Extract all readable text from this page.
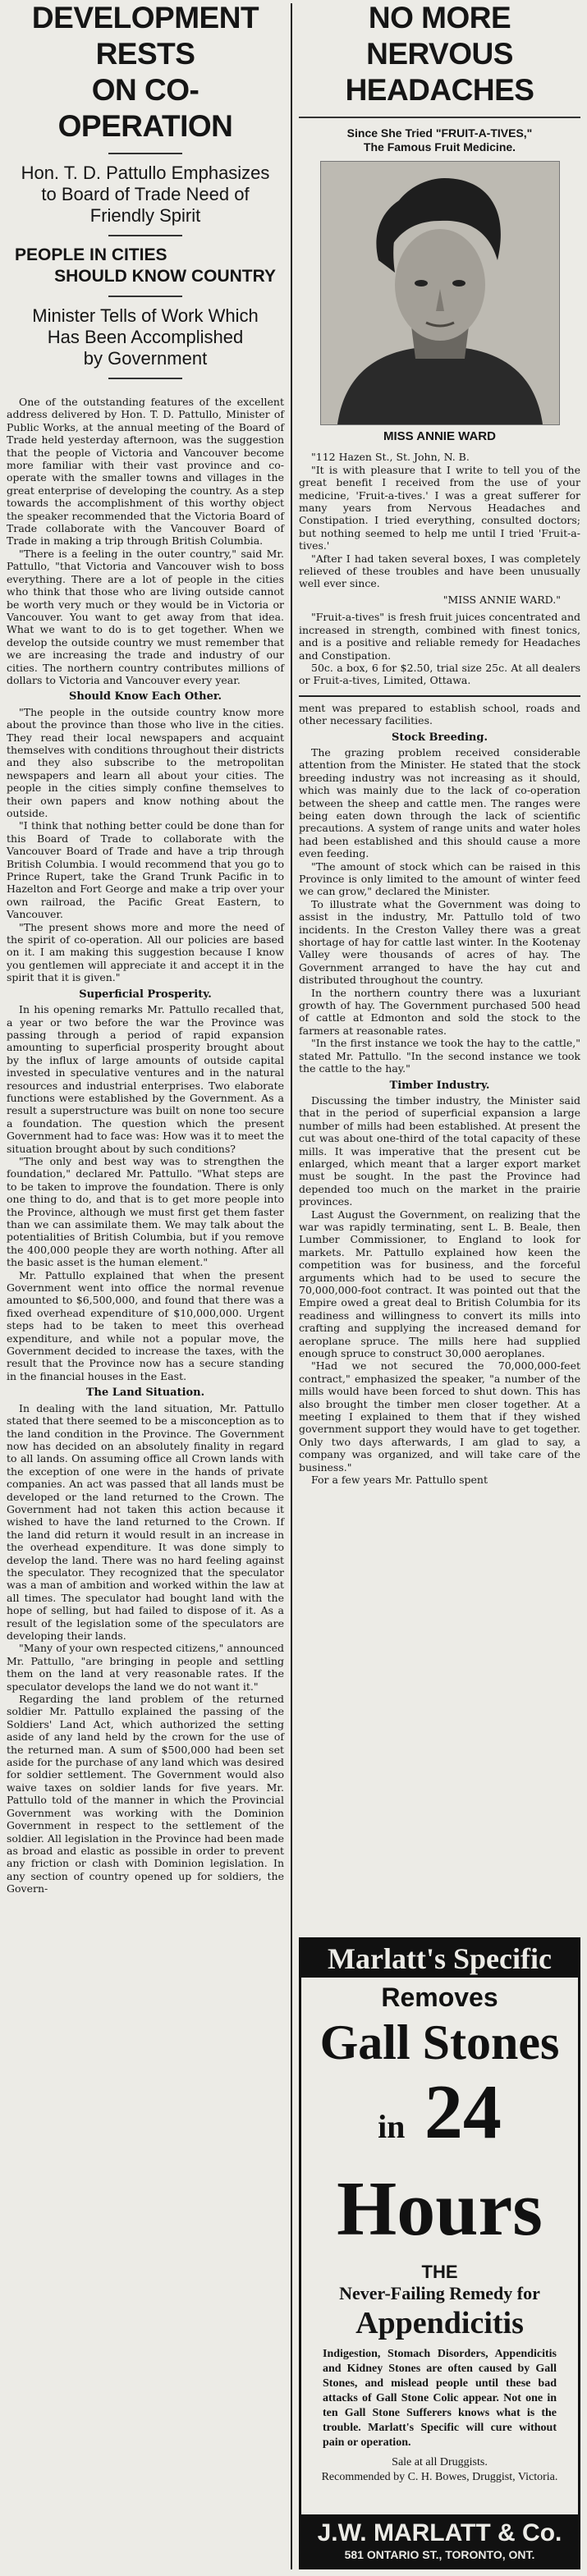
DEVELOPMENT RESTS
ON CO-OPERATION
Hon. T. D. Pattullo Emphasizes
to Board of Trade Need of
Friendly Spirit
PEOPLE IN CITIES
SHOULD KNOW COUNTRY
Minister Tells of Work Which
Has Been Accomplished
by Government

One of the outstanding features of the excellent address delivered by Hon. T. D. Pattullo, Minister of Public Works, at the annual meeting of the Board of Trade held yesterday afternoon, was the suggestion that the people of Victoria and Vancouver become more familiar with their vast province and co-operate with the smaller towns and villages in the great enterprise of developing the country. As a step towards the accomplishment of this worthy object the speaker recommended that the Victoria Board of Trade collaborate with the Vancouver Board of Trade in making a trip through British Columbia.

"There is a feeling in the outer country," said Mr. Pattullo, "that Victoria and Vancouver wish to boss everything. There are a lot of people in the cities who think that those who are living outside cannot be worth very much or they would be in Victoria or Vancouver. You want to get away from that idea. What we want to do is to get together. When we develop the outside country we must remember that we are increasing the trade and industry of our cities. The northern country contributes millions of dollars to Victoria and Vancouver every year.

Should Know Each Other.

"The people in the outside country know more about the province than those who live in the cities. They read their local newspapers and acquaint themselves with conditions throughout their districts and they also subscribe to the metropolitan newspapers and learn all about your cities. The people in the cities simply confine themselves to their own papers and know nothing about the outside.

"I think that nothing better could be done than for this Board of Trade to collaborate with the Vancouver Board of Trade and have a trip through British Columbia. I would recommend that you go to Prince Rupert, take the Grand Trunk Pacific in to Hazelton and Fort George and make a trip over your own railroad, the Pacific Great Eastern, to Vancouver.

"The present shows more and more the need of the spirit of co-operation. All our policies are based on it. I am making this suggestion because I know you gentlemen will appreciate it and accept it in the spirit that it is given."

Superficial Prosperity.

In his opening remarks Mr. Pattullo recalled that, a year or two before the war the Province was passing through a period of rapid expansion amounting to superficial prosperity brought about by the influx of large amounts of outside capital invested in speculative ventures and in the natural resources and industrial enterprises. Two elaborate functions were established by the Government. As a result a superstructure was built on none too secure a foundation. The question which the present Government had to face was: How was it to meet the situation brought about by such conditions?

"The only and best way was to strengthen the foundation," declared Mr. Pattullo. "What steps are to be taken to improve the foundation. There is only one thing to do, and that is to get more people into the Province, although we must first get them faster than we can assimilate them. We may talk about the potentialities of British Columbia, but if you remove the 400,000 people they are worth nothing. After all the basic asset is the human element."

Mr. Pattullo explained that when the present Government went into office the normal revenue amounted to $6,500,000, and found that there was a fixed overhead expenditure of $10,000,000. Urgent steps had to be taken to meet this overhead expenditure, and while not a popular move, the Government decided to increase the taxes, with the result that the Province now has a secure standing in the financial houses in the East.

The Land Situation.

In dealing with the land situation, Mr. Pattullo stated that there seemed to be a misconception as to the land condition in the Province. The Government now has decided on an absolutely finality in regard to all lands. On assuming office all Crown lands with the exception of one were in the hands of private companies. An act was passed that all lands must be developed or the land returned to the Crown. The Government had not taken this action because it wished to have the land returned to the Crown. If the land did return it would result in an increase in the overhead expenditure. It was done simply to develop the land. There was no hard feeling against the speculator. They recognized that the speculator was a man of ambition and worked within the law at all times. The speculator had bought land with the hope of selling, but had failed to dispose of it. As a result of the legislation some of the speculators are developing their lands.

"Many of your own respected citizens," announced Mr. Pattullo, "are bringing in people and settling them on the land at very reasonable rates. If the speculator develops the land we do not want it."

Regarding the land problem of the returned soldier Mr. Pattullo explained the passing of the Soldiers' Land Act, which authorized the setting aside of any land held by the crown for the use of the returned man. A sum of $500,000 had been set aside for the purchase of any land which was desired for soldier settlement. The Government would also waive taxes on soldier lands for five years. Mr. Pattullo told of the manner in which the Provincial Government was working with the Dominion Government in respect to the settlement of the soldier. All legislation in the Province had been made as broad and elastic as possible in order to prevent any friction or clash with Dominion legislation. In any section of country opened up for soldiers, the Govern-

NO MORE NERVOUS
HEADACHES
Since She Tried "FRUIT-A-TIVES,"
The Famous Fruit Medicine.
MISS ANNIE WARD

"112 Hazen St., St. John, N. B.

"It is with pleasure that I write to tell you of the great benefit I received from the use of your medicine, 'Fruit-a-tives.' I was a great sufferer for many years from Nervous Headaches and Constipation. I tried everything, consulted doctors; but nothing seemed to help me until I tried 'Fruit-a-tives.'

"After I had taken several boxes, I was completely relieved of these troubles and have been unusually well ever since.

"MISS ANNIE WARD."

"Fruit-a-tives" is fresh fruit juices concentrated and increased in strength, combined with finest tonics, and is a positive and reliable remedy for Headaches and Constipation.

50c. a box, 6 for $2.50, trial size 25c. At all dealers or Fruit-a-tives, Limited, Ottawa.

ment was prepared to establish school, roads and other necessary facilities.

Stock Breeding.

The grazing problem received considerable attention from the Minister. He stated that the stock breeding industry was not increasing as it should, which was mainly due to the lack of co-operation between the sheep and cattle men. The ranges were being eaten down through the lack of scientific precautions. A system of range units and water holes had been established and this should cause a more even feeding.

"The amount of stock which can be raised in this Province is only limited to the amount of winter feed we can grow," declared the Minister.

To illustrate what the Government was doing to assist in the industry, Mr. Pattullo told of two incidents. In the Creston Valley there was a great shortage of hay for cattle last winter. In the Kootenay Valley were thousands of acres of hay. The Government arranged to have the hay cut and distributed throughout the country.

In the northern country there was a luxuriant growth of hay. The Government purchased 500 head of cattle at Edmonton and sold the stock to the farmers at reasonable rates.

"In the first instance we took the hay to the cattle," stated Mr. Pattullo. "In the second instance we took the cattle to the hay."

Timber Industry.

Discussing the timber industry, the Minister said that in the period of superficial expansion a large number of mills had been established. At present the cut was about one-third of the total capacity of these mills. It was imperative that the present cut be enlarged, which meant that a larger export market must be sought. In the past the Province had depended too much on the market in the prairie provinces.

Last August the Government, on realizing that the war was rapidly terminating, sent L. B. Beale, then Lumber Commissioner, to England to look for markets. Mr. Pattullo explained how keen the competition was for business, and the forceful arguments which had to be used to secure the 70,000,000-foot contract. It was pointed out that the Empire owed a great deal to British Columbia for its readiness and willingness to convert its mills into crafting and supplying the increased demand for aeroplane spruce. The mills here had supplied enough spruce to construct 30,000 aeroplanes.

"Had we not secured the 70,000,000-feet contract," emphasized the speaker, "a number of the mills would have been forced to shut down. This has also brought the timber men closer together. At a meeting I explained to them that if they wished government support they would have to get together. Only two days afterwards, I am glad to say, a company was organized, and will take care of the business."

For a few years Mr. Pattullo spent

Marlatt's Specific
Removes
Gall Stones
in 24 Hours
THE
Never-Failing Remedy for
Appendicitis
Indigestion, Stomach Disorders, Appendicitis and Kidney Stones are often caused by Gall Stones, and mislead people until these bad attacks of Gall Stone Colic appear. Not one in ten Gall Stone Sufferers knows what is the trouble. Marlatt's Specific will cure without pain or operation.
Sale at all Druggists.
Recommended by C. H. Bowes, Druggist, Victoria.
J.W. MARLATT & Co.
581 ONTARIO ST., TORONTO, ONT.
